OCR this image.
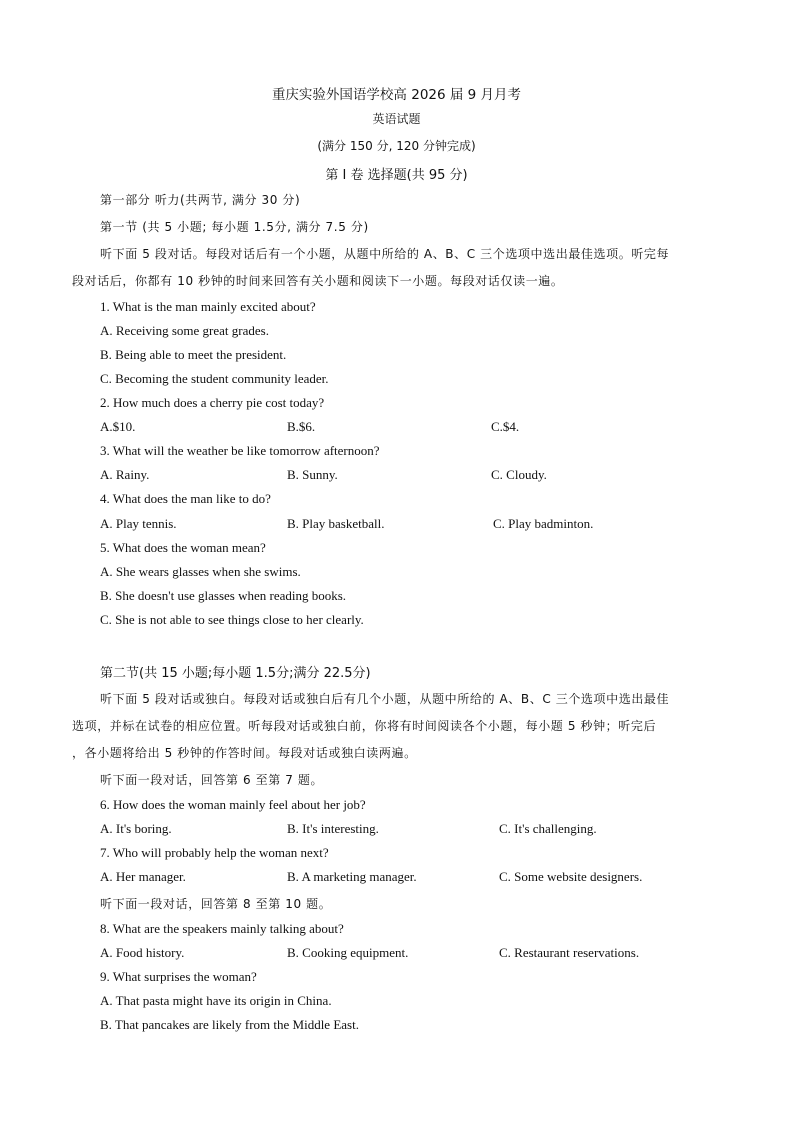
重庆实验外国语学校高 2026 届 9 月月考
英语试题
(满分 150 分, 120 分钟完成)
第 I 卷 选择题(共 95 分)
第一部分 听力(共两节, 满分 30 分)
第一节 (共 5 小题; 每小题 1.5分, 满分 7.5 分)
听下面 5 段对话。每段对话后有一个小题，从题中所给的 A、B、C 三个选项中选出最佳选项。听完每
段对话后，你都有 10 秒钟的时间来回答有关小题和阅读下一小题。每段对话仅读一遍。
1. What is the man mainly excited about?
A. Receiving some great grades.
B. Being able to meet the president.
C. Becoming the student community leader.
2. How much does a cherry pie cost today?
A.$10.	B.$6.	C.$4.
3. What will the weather be like tomorrow afternoon?
A. Rainy.	B. Sunny.	C. Cloudy.
4. What does the man like to do?
A. Play tennis.	B. Play basketball.	C. Play badminton.
5. What does the woman mean?
A. She wears glasses when she swims.
B. She doesn't use glasses when reading books.
C. She is not able to see things close to her clearly.
第二节(共 15 小题;每小题 1.5分;满分 22.5分)
听下面 5 段对话或独白。每段对话或独白后有几个小题，从题中所给的 A、B、C 三个选项中选出最佳
选项，并标在试卷的相应位置。听每段对话或独白前，你将有时间阅读各个小题，每小题 5 秒钟；听完后
，各小题将给出 5 秒钟的作答时间。每段对话或独白读两遍。
听下面一段对话，回答第 6 至第 7 题。
6. How does the woman mainly feel about her job?
A. It's boring.	B. It's interesting.	C. It's challenging.
7. Who will probably help the woman next?
A. Her manager.	B. A marketing manager.	C. Some website designers.
听下面一段对话，回答第 8 至第 10 题。
8. What are the speakers mainly talking about?
A. Food history.	B. Cooking equipment.	C. Restaurant reservations.
9. What surprises the woman?
A. That pasta might have its origin in China.
B. That pancakes are likely from the Middle East.
